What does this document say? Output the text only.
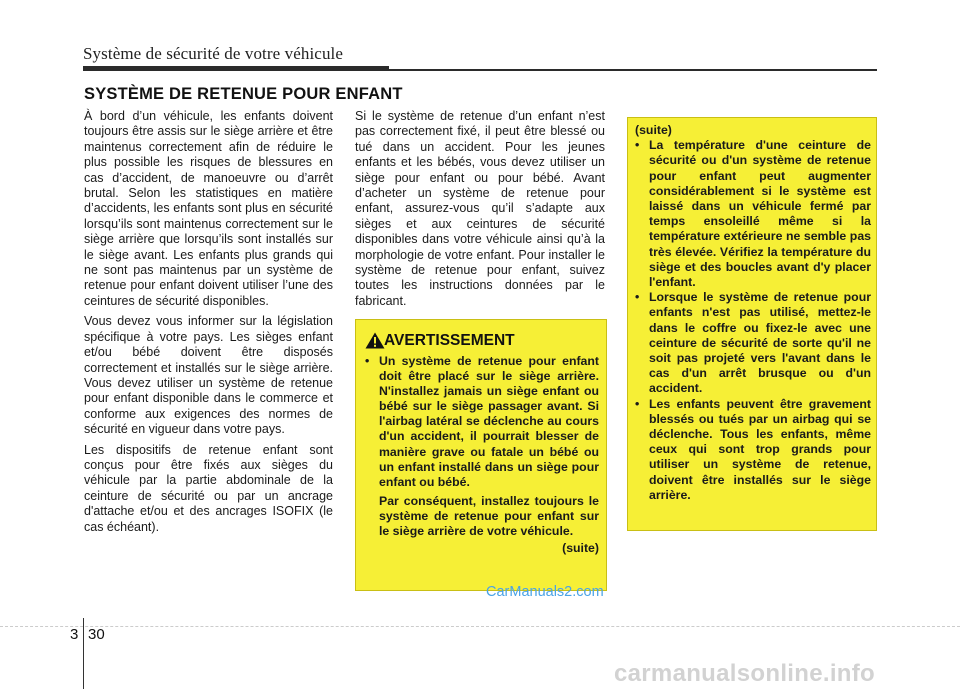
Système de sécurité de votre véhicule
SYSTÈME DE RETENUE POUR ENFANT

À bord d’un véhicule, les enfants doivent toujours être assis sur le siège arrière et être maintenus correctement afin de réduire le plus possible les risques de blessures en cas d’accident, de manoeuvre ou d’arrêt brutal. Selon les statistiques en matière d’accidents, les enfants sont plus en sécurité lorsqu’ils sont maintenus correctement sur le siège arrière que lorsqu’ils sont installés sur le siège avant. Les enfants plus grands qui ne sont pas maintenus par un système de retenue pour enfant doivent utiliser l’une des ceintures de sécurité disponibles.

Vous devez vous informer sur la législation spécifique à votre pays. Les sièges enfant et/ou bébé doivent être disposés correctement et installés sur le siège arrière. Vous devez utiliser un système de retenue pour enfant disponible dans le commerce et conforme aux exigences des normes de sécurité en vigueur dans votre pays.

Les dispositifs de retenue enfant sont conçus pour être fixés aux sièges du véhicule par la partie abdominale de la ceinture de sécurité ou par un ancrage d'attache et/ou et des ancrages ISOFIX (le cas échéant).

Si le système de retenue d’un enfant n’est pas correctement fixé, il peut être blessé ou tué dans un accident. Pour les jeunes enfants et les bébés, vous devez utiliser un siège pour enfant ou pour bébé. Avant d’acheter un système de retenue pour enfant, assurez-vous qu’il s’adapte aux sièges et aux ceintures de sécurité disponibles dans votre véhicule ainsi qu’à la morphologie de votre enfant. Pour installer le système de retenue pour enfant, suivez toutes les instructions données par le fabricant.

AVERTISSEMENT
• Un système de retenue pour enfant doit être placé sur le siège arrière. N'installez jamais un siège enfant ou bébé sur le siège passager avant. Si l'airbag latéral se déclenche au cours d'un accident, il pourrait blesser de manière grave ou fatale un bébé ou un enfant installé dans un siège pour enfant ou bébé.

Par conséquent, installez toujours le système de retenue pour enfant sur le siège arrière de votre véhicule.

(suite)
(suite)
• La température d'une ceinture de sécurité ou d'un système de retenue pour enfant peut augmenter considérablement si le système est laissé dans un véhicule fermé par temps ensoleillé même si la température extérieure ne semble pas très élevée. Vérifiez la température du siège et des boucles avant d'y placer l'enfant.
• Lorsque le système de retenue pour enfants n'est pas utilisé, mettez-le dans le coffre ou fixez-le avec une ceinture de sécurité de sorte qu'il ne soit pas projeté vers l'avant dans le cas d'un arrêt brusque ou d'un accident.
• Les enfants peuvent être gravement blessés ou tués par un airbag qui se déclenche. Tous les enfants, même ceux qui sont trop grands pour utiliser un système de retenue, doivent être installés sur le siège arrière.
CarManuals2.com
3 30
carmanualsonline.info
